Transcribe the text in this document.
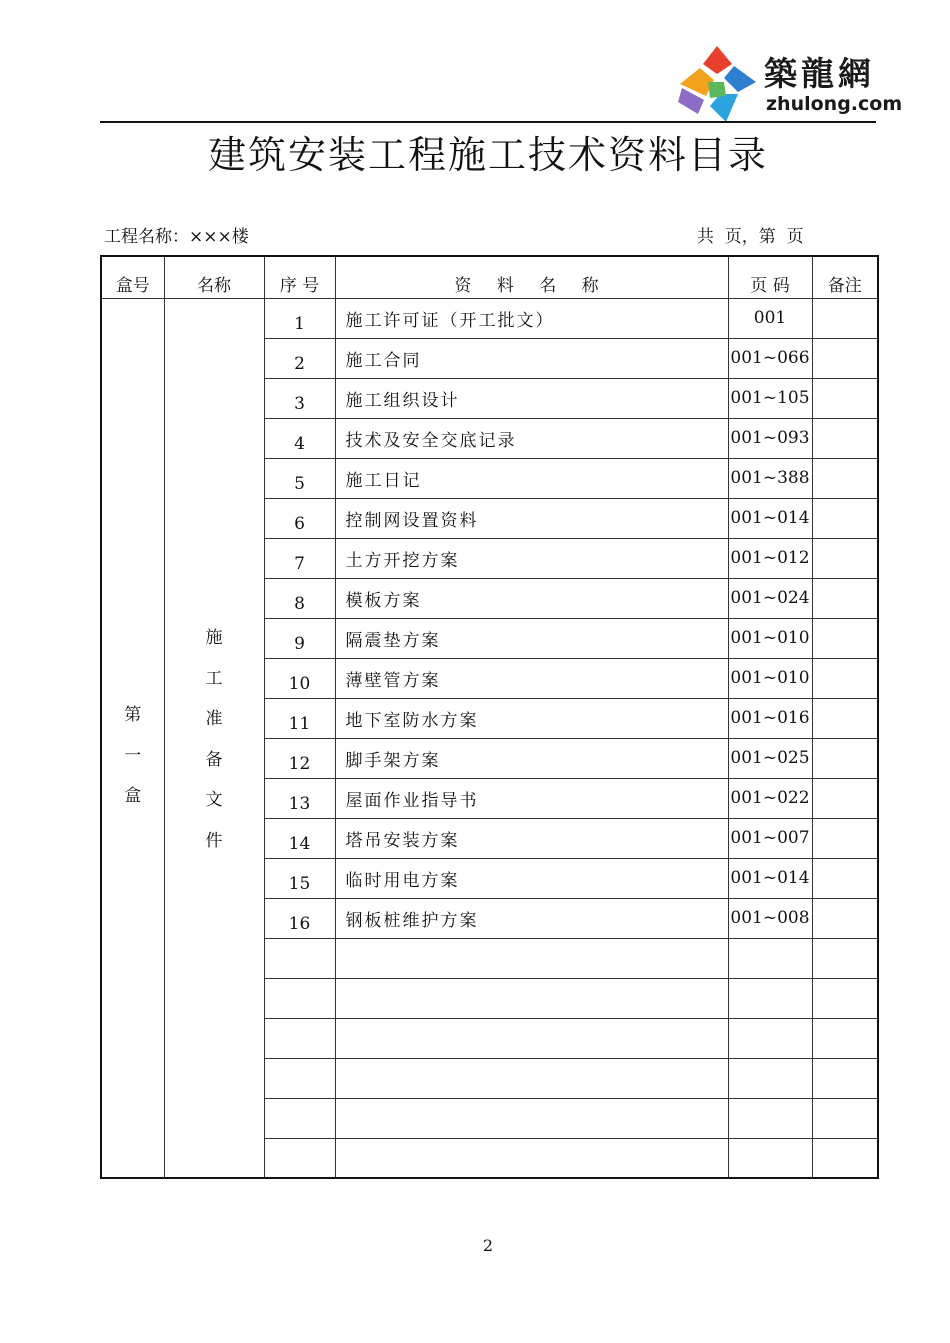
築龍網
zhulong.com
建筑安装工程施工技术资料目录
工程名称：×××楼	共  页，第  页
盒号	名称	序 号	资 料 名 称	页 码	备注
第一盒	施工准备文件	1	施工许可证（开工批文）	001	
		2	施工合同	001~066	
		3	施工组织设计	001~105	
		4	技术及安全交底记录	001~093	
		5	施工日记	001~388	
		6	控制网设置资料	001~014	
		7	土方开挖方案	001~012	
		8	模板方案	001~024	
		9	隔震垫方案	001~010	
		10	薄壁管方案	001~010	
		11	地下室防水方案	001~016	
		12	脚手架方案	001~025	
		13	屋面作业指导书	001~022	
		14	塔吊安装方案	001~007	
		15	临时用电方案	001~014	
		16	钢板桩维护方案	001~008	

2
